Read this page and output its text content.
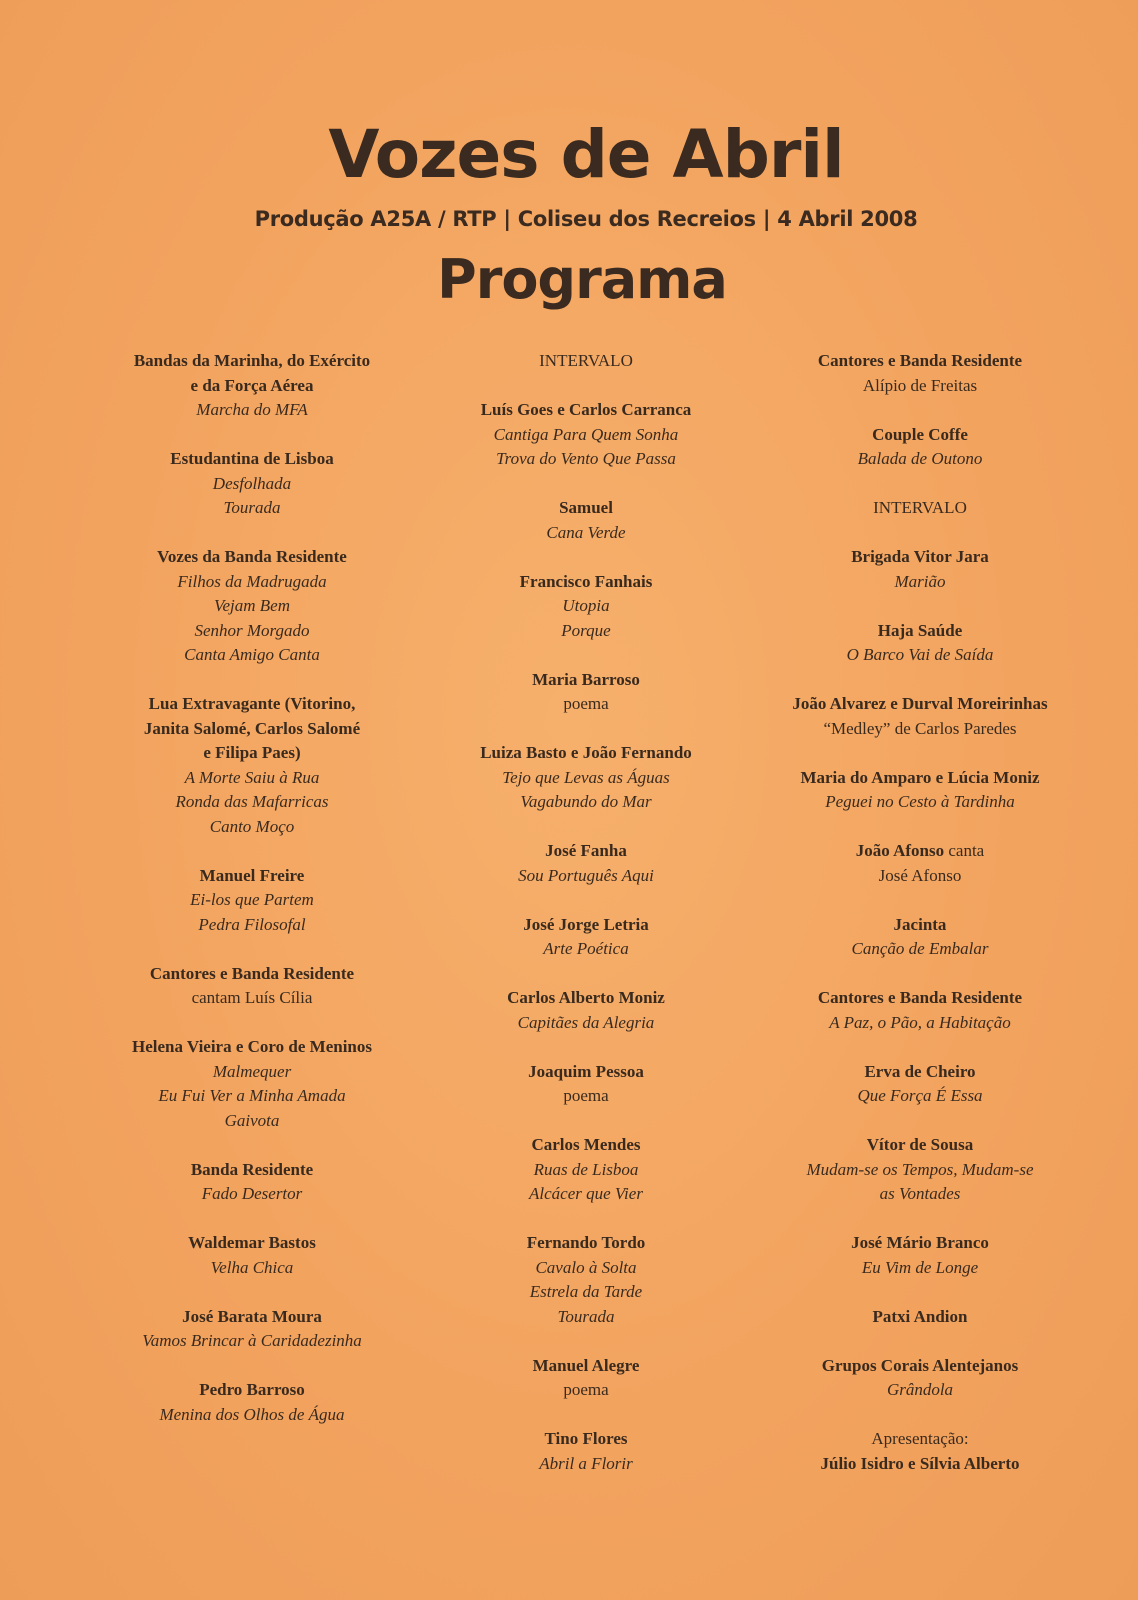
Vozes de Abril
Produção A25A / RTP | Coliseu dos Recreios | 4 Abril 2008
Programa
Bandas da Marinha, do Exército
e da Força Aérea
Marcha do MFA
Estudantina de Lisboa
Desfolhada
Tourada
Vozes da Banda Residente
Filhos da Madrugada
Vejam Bem
Senhor Morgado
Canta Amigo Canta
Lua Extravagante (Vitorino,
Janita Salomé, Carlos Salomé
e Filipa Paes)
A Morte Saiu à Rua
Ronda das Mafarricas
Canto Moço
Manuel Freire
Ei-los que Partem
Pedra Filosofal
Cantores e Banda Residente
cantam Luís Cília
Helena Vieira e Coro de Meninos
Malmequer
Eu Fui Ver a Minha Amada
Gaivota
Banda Residente
Fado Desertor
Waldemar Bastos
Velha Chica
José Barata Moura
Vamos Brincar à Caridadezinha
Pedro Barroso
Menina dos Olhos de Água
INTERVALO
Luís Goes e Carlos Carranca
Cantiga Para Quem Sonha
Trova do Vento Que Passa
Samuel
Cana Verde
Francisco Fanhais
Utopia
Porque
Maria Barroso
poema
Luiza Basto e João Fernando
Tejo que Levas as Águas
Vagabundo do Mar
José Fanha
Sou Português Aqui
José Jorge Letria
Arte Poética
Carlos Alberto Moniz
Capitães da Alegria
Joaquim Pessoa
poema
Carlos Mendes
Ruas de Lisboa
Alcácer que Vier
Fernando Tordo
Cavalo à Solta
Estrela da Tarde
Tourada
Manuel Alegre
poema
Tino Flores
Abril a Florir
Cantores e Banda Residente
Alípio de Freitas
Couple Coffe
Balada de Outono
INTERVALO
Brigada Vitor Jara
Marião
Haja Saúde
O Barco Vai de Saída
João Alvarez e Durval Moreirinhas
“Medley” de Carlos Paredes
Maria do Amparo e Lúcia Moniz
Peguei no Cesto à Tardinha
João Afonso canta
José Afonso
Jacinta
Canção de Embalar
Cantores e Banda Residente
A Paz, o Pão, a Habitação
Erva de Cheiro
Que Força É Essa
Vítor de Sousa
Mudam-se os Tempos, Mudam-se
as Vontades
José Mário Branco
Eu Vim de Longe
Patxi Andion
Grupos Corais Alentejanos
Grândola
Apresentação:
Júlio Isidro e Sílvia Alberto
